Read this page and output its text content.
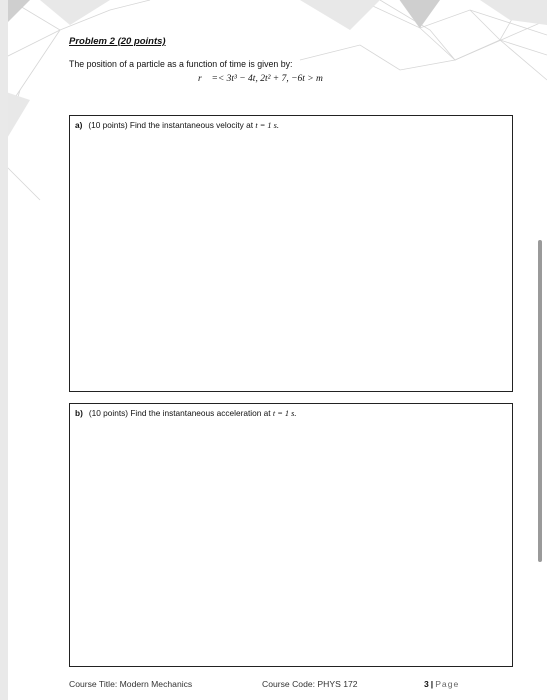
Problem 2 (20 points)
The position of a particle as a function of time is given by:
r⃗ =< 3t³ − 4t, 2t² + 7, −6t > m
a) (10 points) Find the instantaneous velocity at t = 1 s.
b) (10 points) Find the instantaneous acceleration at t = 1 s.
Course Title: Modern Mechanics	Course Code: PHYS 172	3 | Page
